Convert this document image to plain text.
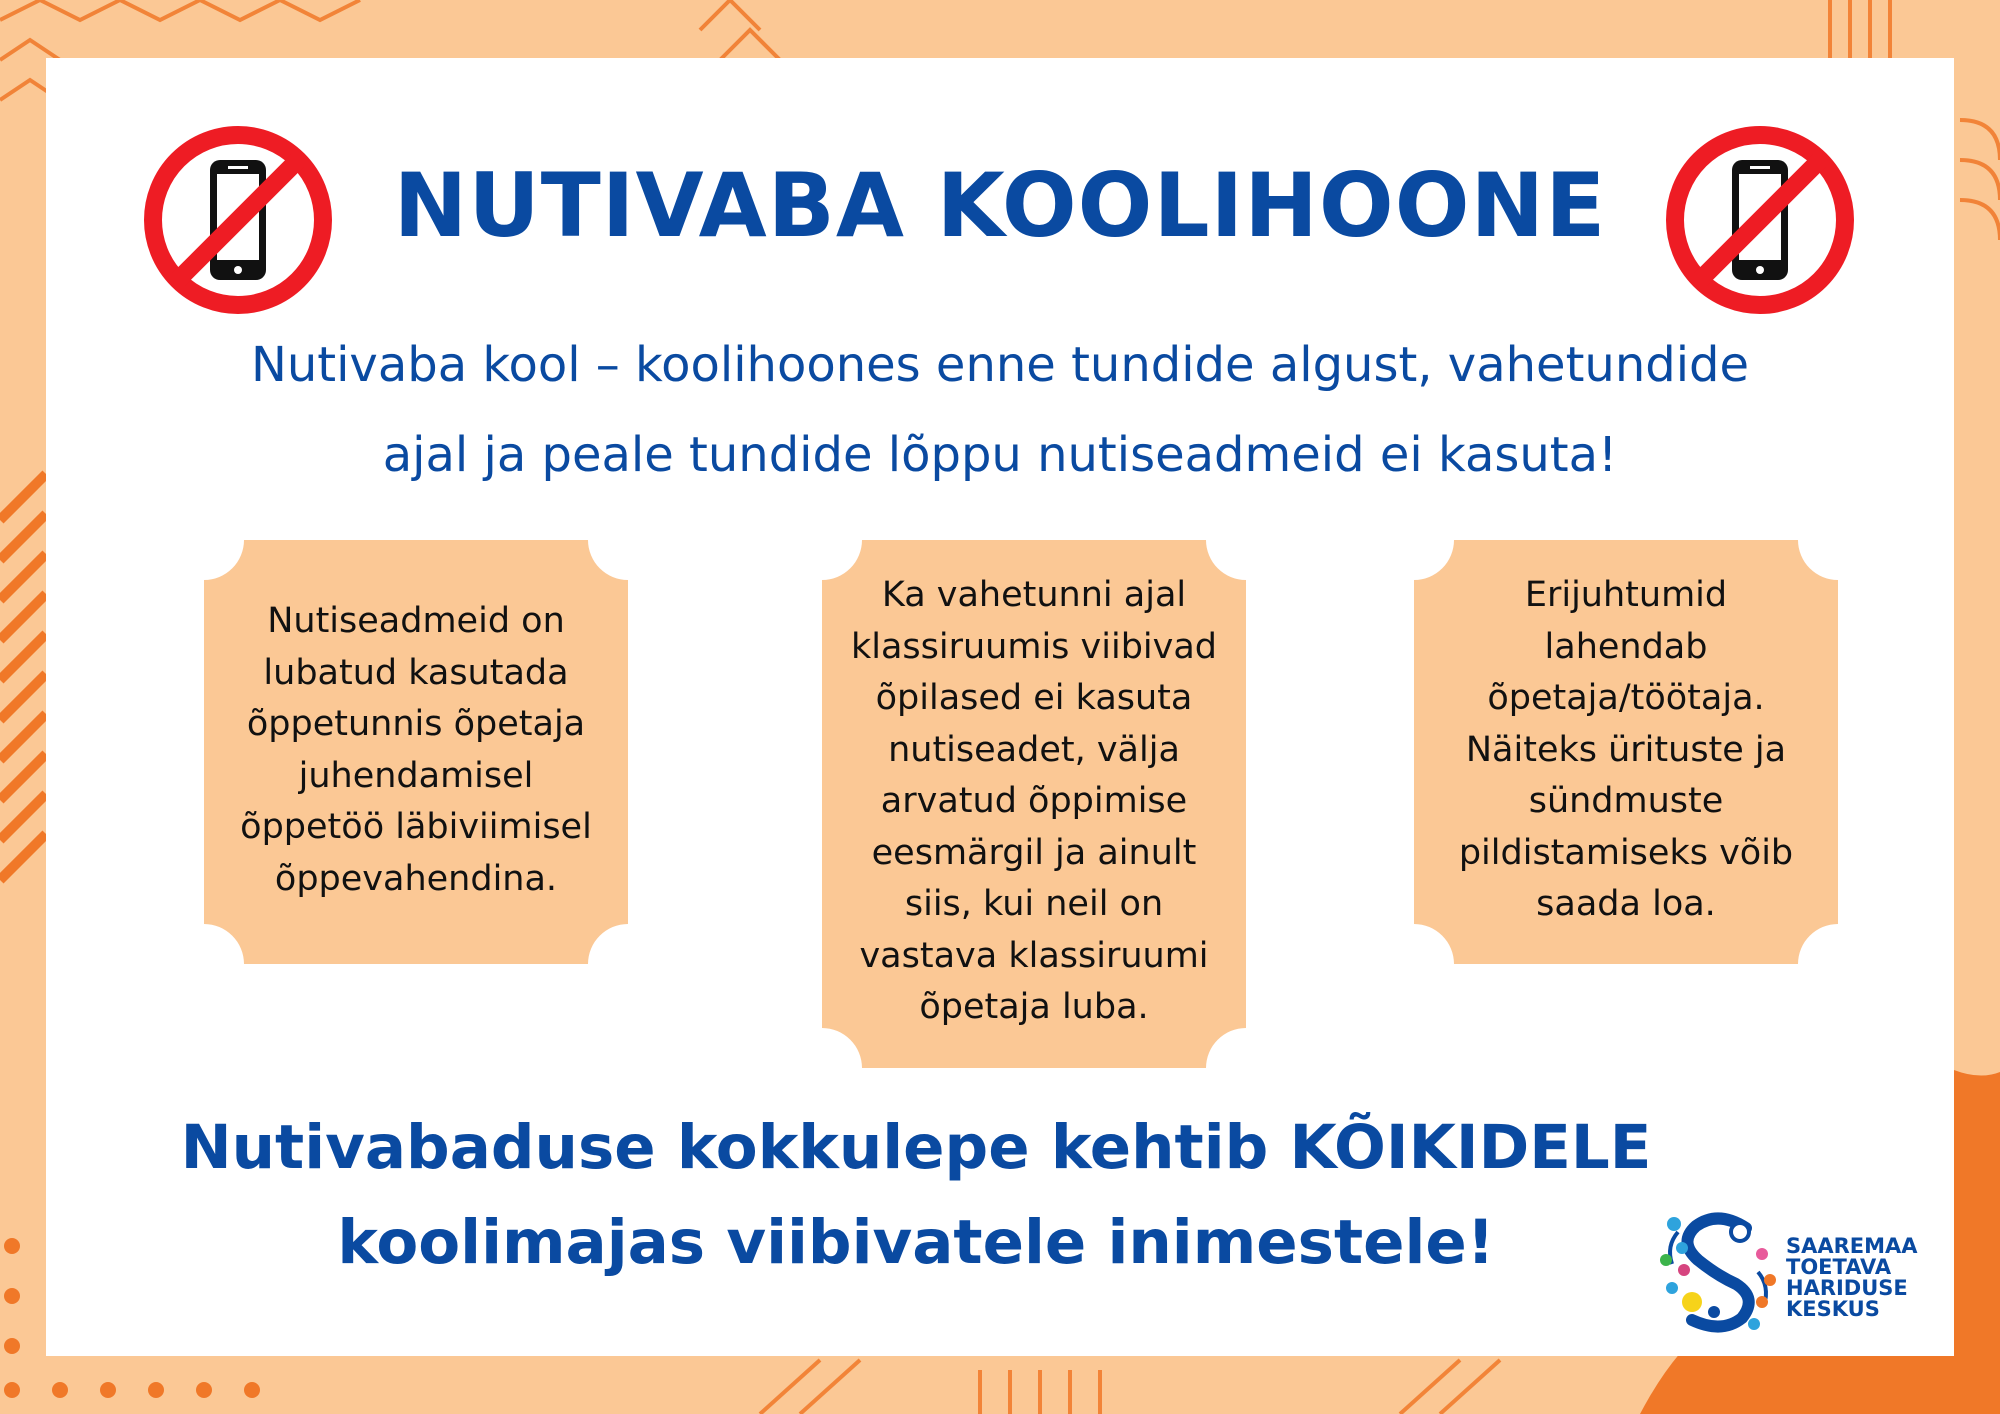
NUTIVABA KOOLIHOONE
Nutivaba kool – koolihoones enne tundide algust, vahetundide
ajal ja peale tundide lõppu nutiseadmeid ei kasuta!
Nutiseadmeid on
lubatud kasutada
õppetunnis õpetaja
juhendamisel
õppetöö läbiviimisel
õppevahendina.
Ka vahetunni ajal
klassiruumis viibivad
õpilased ei kasuta
nutiseadet, välja
arvatud õppimise
eesmärgil ja ainult
siis, kui neil on
vastava klassiruumi
õpetaja luba.
Erijuhtumid
lahendab
õpetaja/töötaja.
Näiteks ürituste ja
sündmuste
pildistamiseks võib
saada loa.
Nutivabaduse kokkulepe kehtib KÕIKIDELE
koolimajas viibivatele inimestele!	SAAREMAA
TOETAVA
HARIDUSE
KESKUS
